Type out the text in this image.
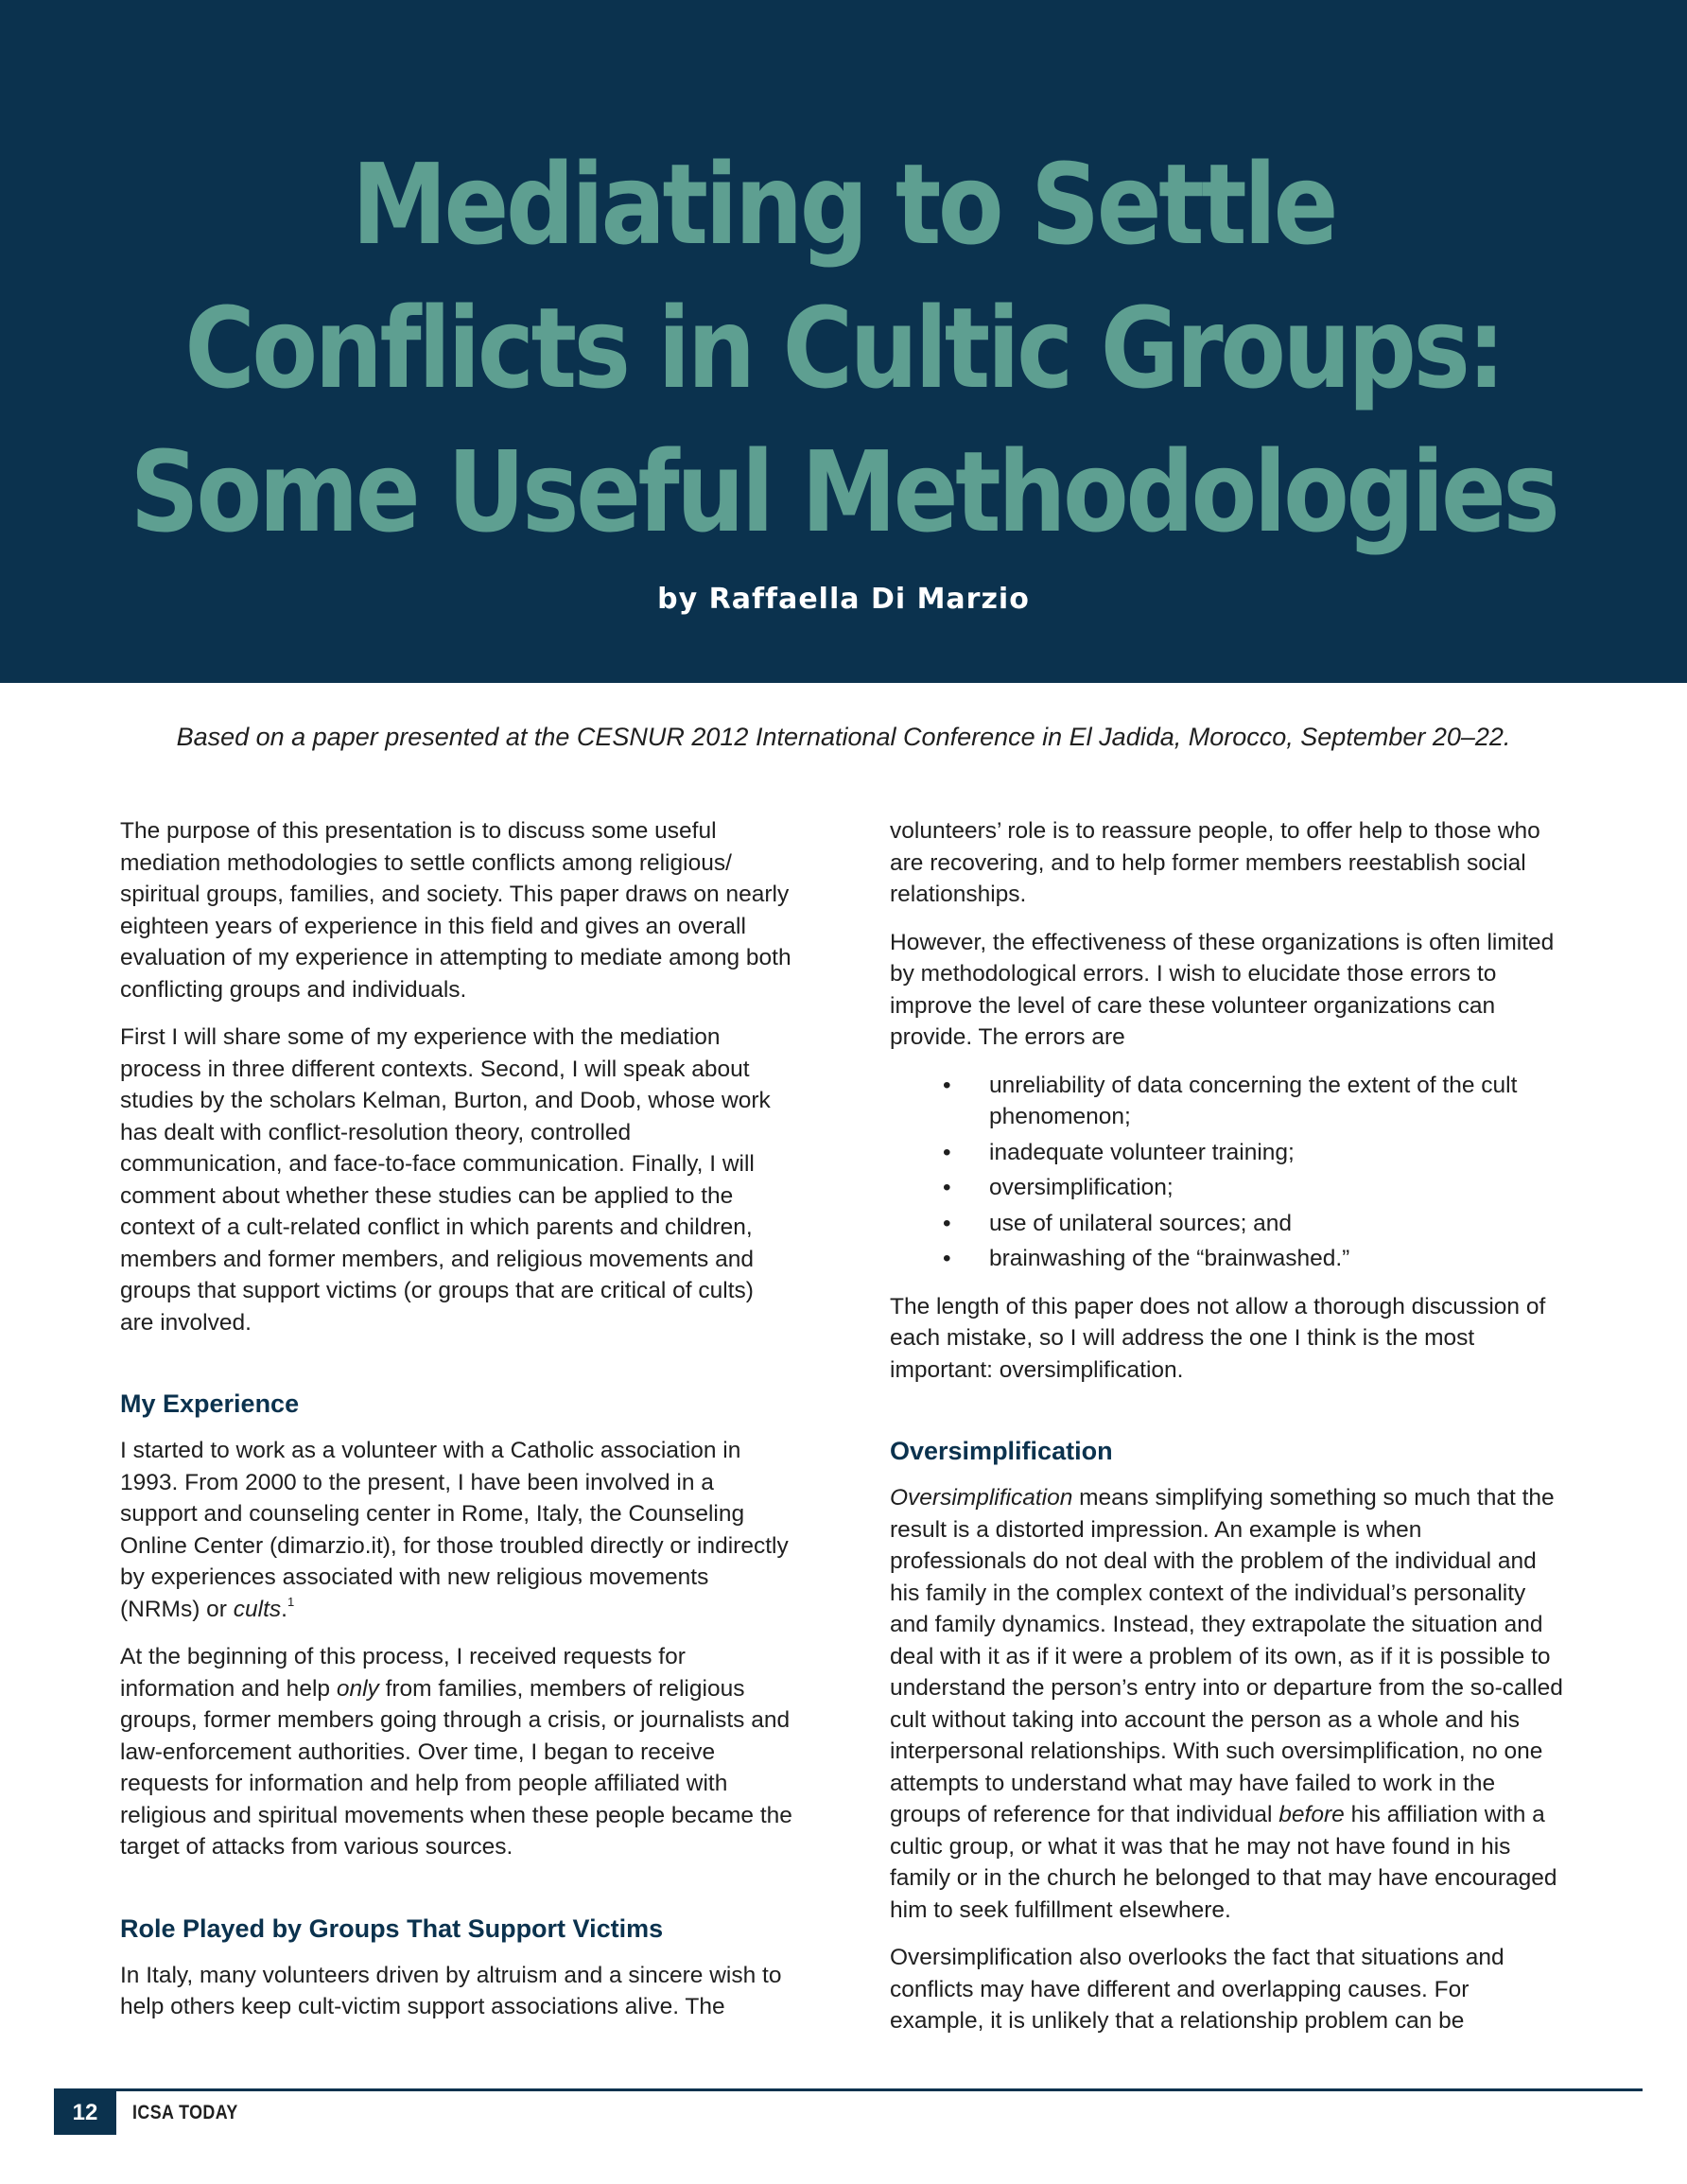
Mediating to Settle
Conflicts in Cultic Groups:
Some Useful Methodologies
by Raffaella Di Marzio
Based on a paper presented at the CESNUR 2012 International Conference in El Jadida, Morocco, September 20–22.

The purpose of this presentation is to discuss some useful mediation methodologies to settle conflicts among religious/ spiritual groups, families, and society. This paper draws on nearly eighteen years of experience in this field and gives an overall evaluation of my experience in attempting to mediate among both conflicting groups and individuals.

First I will share some of my experience with the mediation process in three different contexts. Second, I will speak about studies by the scholars Kelman, Burton, and Doob, whose work has dealt with conflict-resolution theory, controlled communication, and face-to-face communication. Finally, I will comment about whether these studies can be applied to the context of a cult-related conflict in which parents and children, members and former members, and religious movements and groups that support victims (or groups that are critical of cults) are involved.

My Experience

I started to work as a volunteer with a Catholic association in 1993. From 2000 to the present, I have been involved in a support and counseling center in Rome, Italy, the Counseling Online Center (dimarzio.it), for those troubled directly or indirectly by experiences associated with new religious movements (NRMs) or cults.$^1$

At the beginning of this process, I received requests for information and help only from families, members of religious groups, former members going through a crisis, or journalists and law-enforcement authorities. Over time, I began to receive requests for information and help from people affiliated with religious and spiritual movements when these people became the target of attacks from various sources.

Role Played by Groups That Support Victims

In Italy, many volunteers driven by altruism and a sincere wish to help others keep cult-victim support associations alive. The

volunteers’ role is to reassure people, to offer help to those who are recovering, and to help former members reestablish social relationships.

However, the effectiveness of these organizations is often limited by methodological errors. I wish to elucidate those errors to improve the level of care these volunteer organizations can provide. The errors are

• unreliability of data concerning the extent of the cult phenomenon;
• inadequate volunteer training;
• oversimplification;
• use of unilateral sources; and
• brainwashing of the “brainwashed.”

The length of this paper does not allow a thorough discussion of each mistake, so I will address the one I think is the most important: oversimplification.

Oversimplification

Oversimplification means simplifying something so much that the result is a distorted impression. An example is when professionals do not deal with the problem of the individual and his family in the complex context of the individual’s personality and family dynamics. Instead, they extrapolate the situation and deal with it as if it were a problem of its own, as if it is possible to understand the person’s entry into or departure from the so-called cult without taking into account the person as a whole and his interpersonal relationships. With such oversimplification, no one attempts to understand what may have failed to work in the groups of reference for that individual before his affiliation with a cultic group, or what it was that he may not have found in his family or in the church he belonged to that may have encouraged him to seek fulfillment elsewhere.

Oversimplification also overlooks the fact that situations and conflicts may have different and overlapping causes. For example, it is unlikely that a relationship problem can be

12	ICSA TODAY
